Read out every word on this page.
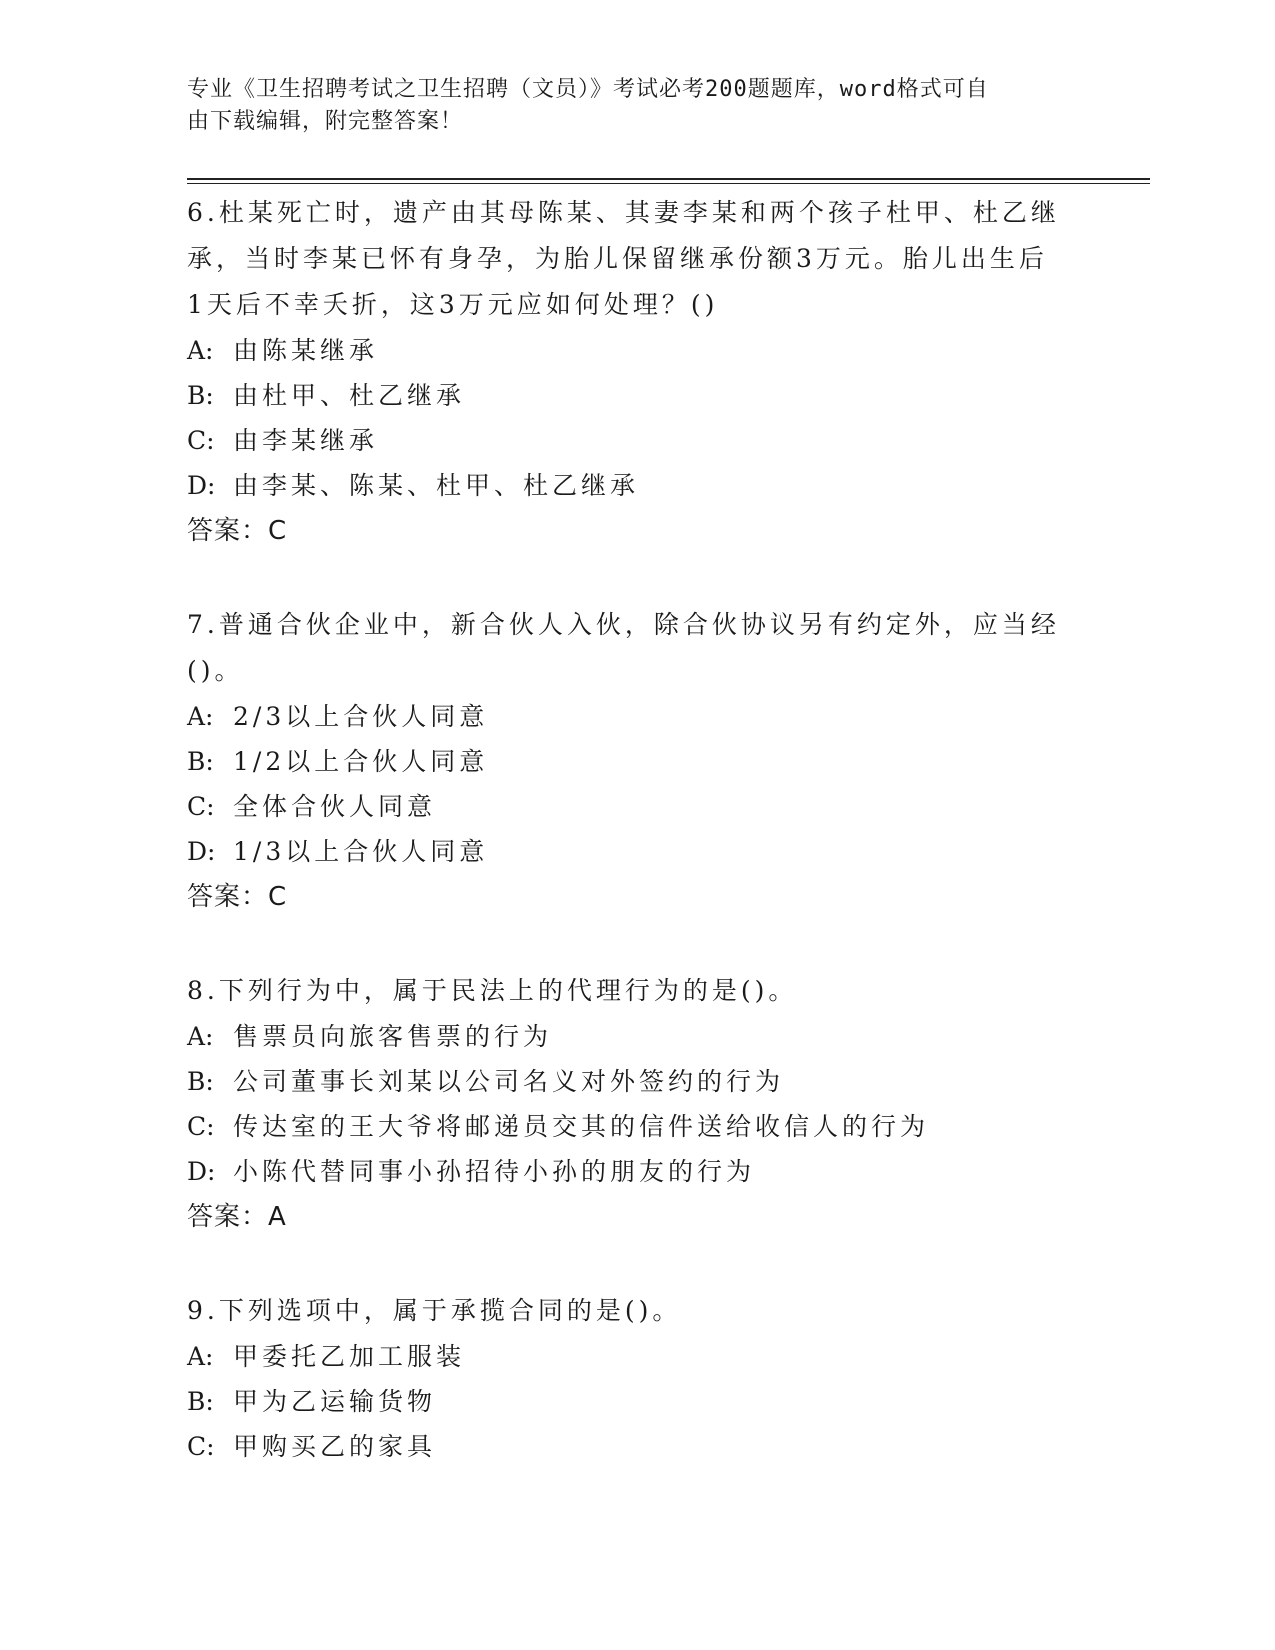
专业《卫生招聘考试之卫生招聘（文员）》考试必考200题题库，word格式可自
由下载编辑，附完整答案！

6.杜某死亡时，遗产由其母陈某、其妻李某和两个孩子杜甲、杜乙继承，当时李某已怀有身孕，为胎儿保留继承份额3万元。胎儿出生后1天后不幸夭折，这3万元应如何处理？()

A: 由陈某继承

B: 由杜甲、杜乙继承

C: 由李某继承

D: 由李某、陈某、杜甲、杜乙继承

答案：C

7.普通合伙企业中，新合伙人入伙，除合伙协议另有约定外，应当经()。

A: 2/3以上合伙人同意

B: 1/2以上合伙人同意

C: 全体合伙人同意

D: 1/3以上合伙人同意

答案：C

8.下列行为中，属于民法上的代理行为的是()。

A: 售票员向旅客售票的行为

B: 公司董事长刘某以公司名义对外签约的行为

C: 传达室的王大爷将邮递员交其的信件送给收信人的行为

D: 小陈代替同事小孙招待小孙的朋友的行为

答案：A

9.下列选项中，属于承揽合同的是()。

A: 甲委托乙加工服装

B: 甲为乙运输货物

C: 甲购买乙的家具
